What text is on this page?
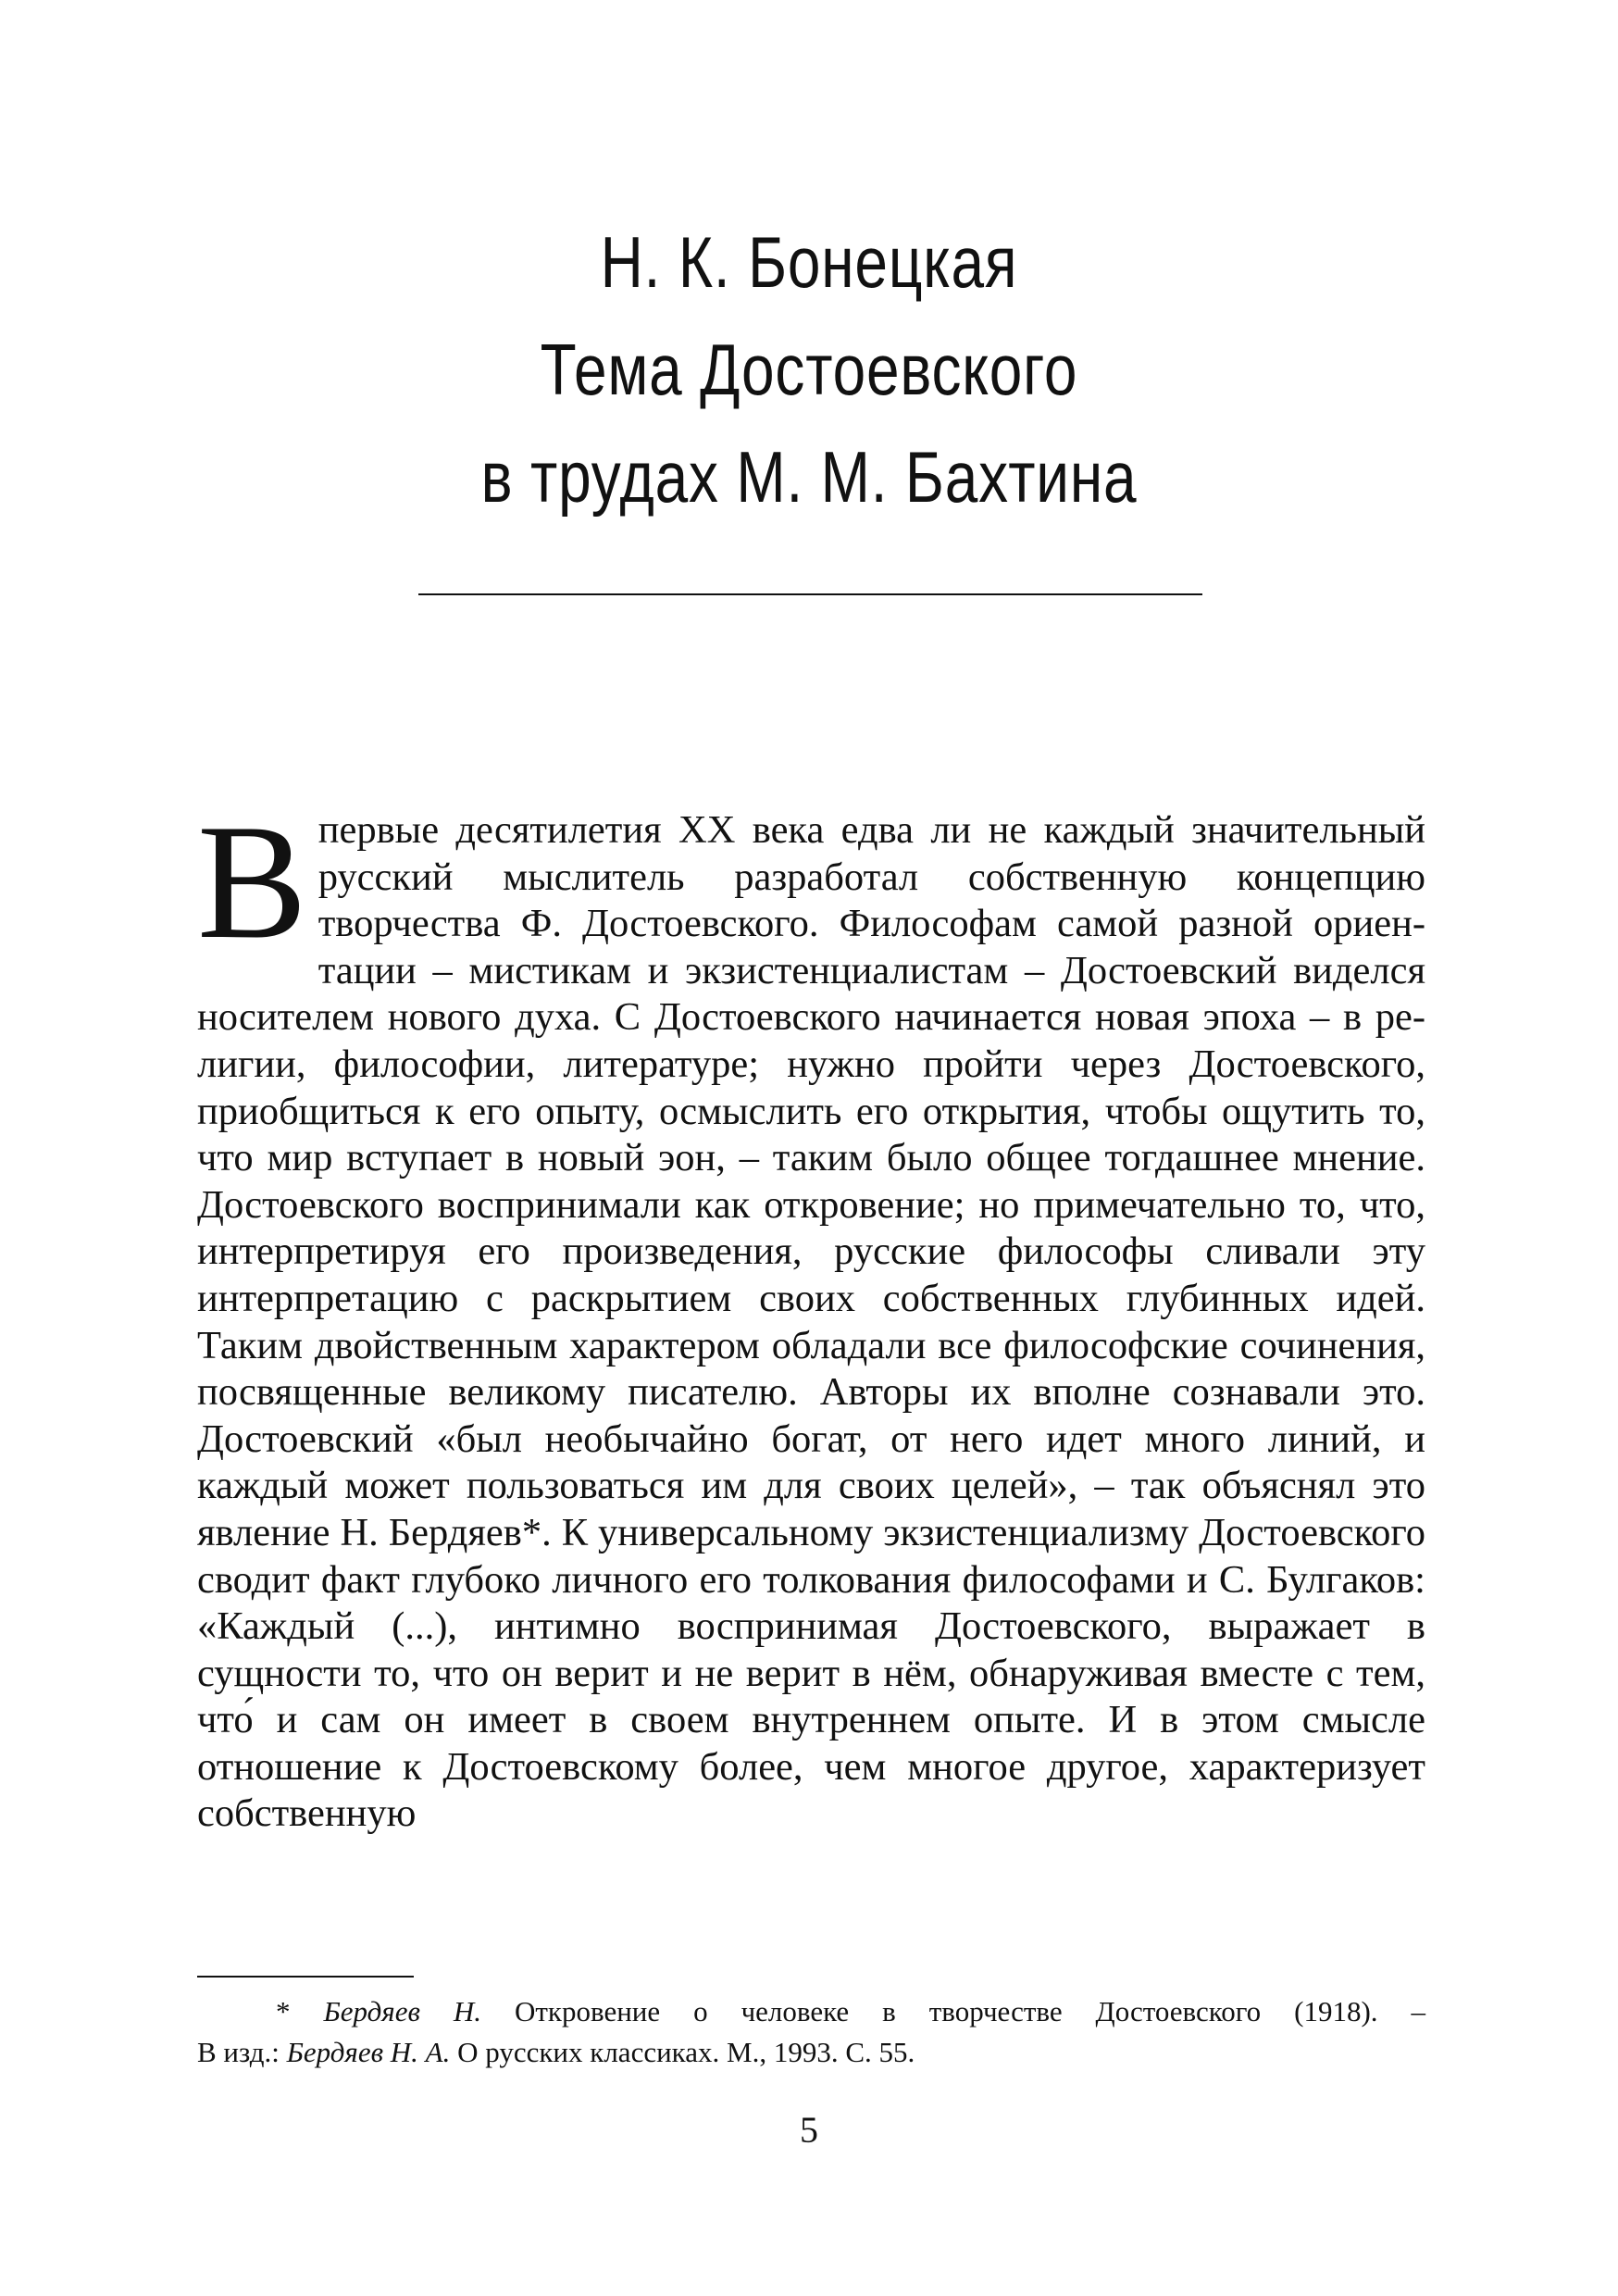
Н. К. Бонецкая
Тема Достоевского
в трудах М. М. Бахтина
В первые десятилетия XX века едва ли не каждый значительный русский мыслитель разработал собственную концепцию творчества Ф. Достоевского. Философам самой разной ориентации – мистикам и экзистенциалистам – Достоевский виделся носителем нового духа. С Достоевского начинается новая эпоха – в религии, философии, литературе; нужно пройти через Достоевского, приобщиться к его опыту, осмыслить его открытия, чтобы ощутить то, что мир вступает в новый эон, – таким было общее тогдашнее мнение. Достоевского воспринимали как откровение; но примечательно то, что, интерпретируя его произведения, русские философы сливали эту интерпретацию с раскрытием своих собственных глубинных идей. Таким двойственным характером обладали все философские сочинения, посвященные великому писателю. Авторы их вполне сознавали это. Достоевский «был необычайно богат, от него идет много линий, и каждый может пользоваться им для своих целей», – так объяснял это явление Н. Бердяев*. К универсальному экзистенциализму Достоевского сводит факт глубоко личного его толкования философами и С. Булгаков: «Каждый (...), интимно воспринимая Достоевского, выражает в сущности то, что он верит и не верит в нём, обнаруживая вместе с тем, что́ и сам он имеет в своем внутреннем опыте. И в этом смысле отношение к Достоевскому более, чем многое другое, характеризует собственную
* Бердяев Н. Откровение о человеке в творчестве Достоевского (1918). –
В изд.: Бердяев Н. А. О русских классиках. М., 1993. С. 55.
5
